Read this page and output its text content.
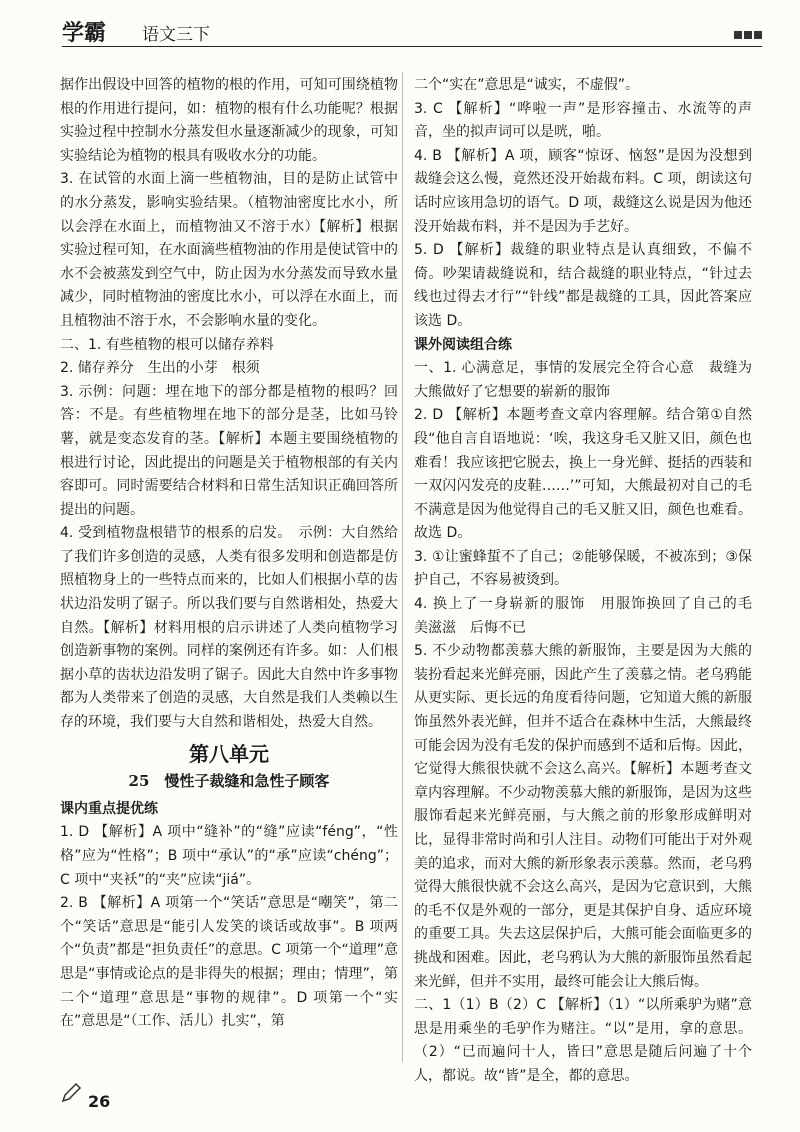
学霸 语文三下

据作出假设中回答的植物的根的作用，可知可围绕植物根的作用进行提问，如：植物的根有什么功能呢？根据实验过程中控制水分蒸发但水量逐渐减少的现象，可知实验结论为植物的根具有吸收水分的功能。

3. 在试管的水面上滴一些植物油，目的是防止试管中的水分蒸发，影响实验结果。（植物油密度比水小，所以会浮在水面上，而植物油又不溶于水）【解析】根据实验过程可知，在水面滴些植物油的作用是使试管中的水不会被蒸发到空气中，防止因为水分蒸发而导致水量减少，同时植物油的密度比水小，可以浮在水面上，而且植物油不溶于水，不会影响水量的变化。

二、1. 有些植物的根可以储存养料

2. 储存养分　生出的小芽　根须

3. 示例：问题：埋在地下的部分都是植物的根吗？回答：不是。有些植物埋在地下的部分是茎，比如马铃薯，就是变态发育的茎。【解析】本题主要围绕植物的根进行讨论，因此提出的问题是关于植物根部的有关内容即可。同时需要结合材料和日常生活知识正确回答所提出的问题。

4. 受到植物盘根错节的根系的启发。　示例：大自然给了我们许多创造的灵感，人类有很多发明和创造都是仿照植物身上的一些特点而来的，比如人们根据小草的齿状边沿发明了锯子。所以我们要与自然谐相处，热爱大自然。【解析】材料用根的启示讲述了人类向植物学习创造新事物的案例。同样的案例还有许多。如：人们根据小草的齿状边沿发明了锯子。因此大自然中许多事物都为人类带来了创造的灵感，大自然是我们人类赖以生存的环境，我们要与大自然和谐相处，热爱大自然。

第八单元
25　慢性子裁缝和急性子顾客

课内重点提优练

1. D 【解析】A 项中“缝补”的“缝”应读“féng”，“性格”应为“性格”；B 项中“承认”的“承”应读“chéng”；C 项中“夹袄”的“夹”应读“jiá”。

2. B 【解析】A 项第一个“笑话”意思是“嘲笑”，第二个“笑话”意思是“能引人发笑的谈话或故事”。B 项两个“负责”都是“担负责任”的意思。C 项第一个“道理”意思是“事情或论点的是非得失的根据；理由；情理”，第二个“道理”意思是“事物的规律”。D 项第一个“实在”意思是“（工作、活儿）扎实”，第

二个“实在”意思是“诚实，不虚假”。

3. C 【解析】“哗啦一声”是形容撞击、水流等的声音，坐的拟声词可以是咣，啪。

4. B 【解析】A 项，顾客“惊讶、恼怒”是因为没想到裁缝会这么慢，竟然还没开始裁布料。C 项，朗读这句话时应该用急切的语气。D 项，裁缝这么说是因为他还没开始裁布料，并不是因为手艺好。

5. D 【解析】裁缝的职业特点是认真细致，不偏不倚。吵架请裁缝说和，结合裁缝的职业特点，“针过去线也过得去才行”“针线”都是裁缝的工具，因此答案应该选 D。

课外阅读组合练

一、1. 心满意足，事情的发展完全符合心意　裁缝为大熊做好了它想要的崭新的服饰

2. D 【解析】本题考查文章内容理解。结合第①自然段“他自言自语地说：‘唉，我这身毛又脏又旧，颜色也难看！我应该把它脱去，换上一身光鲜、挺括的西装和一双闪闪发亮的皮鞋……’”可知，大熊最初对自己的毛不满意是因为他觉得自己的毛又脏又旧，颜色也难看。故选 D。

3. ①让蜜蜂蜇不了自己；②能够保暖，不被冻到；③保护自己，不容易被烫到。

4. 换上了一身崭新的服饰　用服饰换回了自己的毛　美滋滋　后悔不已

5. 不少动物都羡慕大熊的新服饰，主要是因为大熊的装扮看起来光鲜亮丽，因此产生了羡慕之情。老乌鸦能从更实际、更长远的角度看待问题，它知道大熊的新服饰虽然外表光鲜，但并不适合在森林中生活，大熊最终可能会因为没有毛发的保护而感到不适和后悔。因此，它觉得大熊很快就不会这么高兴。【解析】本题考查文章内容理解。不少动物羡慕大熊的新服饰，是因为这些服饰看起来光鲜亮丽，与大熊之前的形象形成鲜明对比，显得非常时尚和引人注目。动物们可能出于对外观美的追求，而对大熊的新形象表示羡慕。然而，老乌鸦觉得大熊很快就不会这么高兴，是因为它意识到，大熊的毛不仅是外观的一部分，更是其保护自身、适应环境的重要工具。失去这层保护后，大熊可能会面临更多的挑战和困难。因此，老乌鸦认为大熊的新服饰虽然看起来光鲜，但并不实用，最终可能会让大熊后悔。

二、1（1）B（2）C 【解析】（1）“以所乘驴为赌”意思是用乘坐的毛驴作为赌注。“以”是用，拿的意思。（2）“已而遍问十人，皆曰”意思是随后问遍了十个人，都说。故“皆”是全，都的意思。

26
